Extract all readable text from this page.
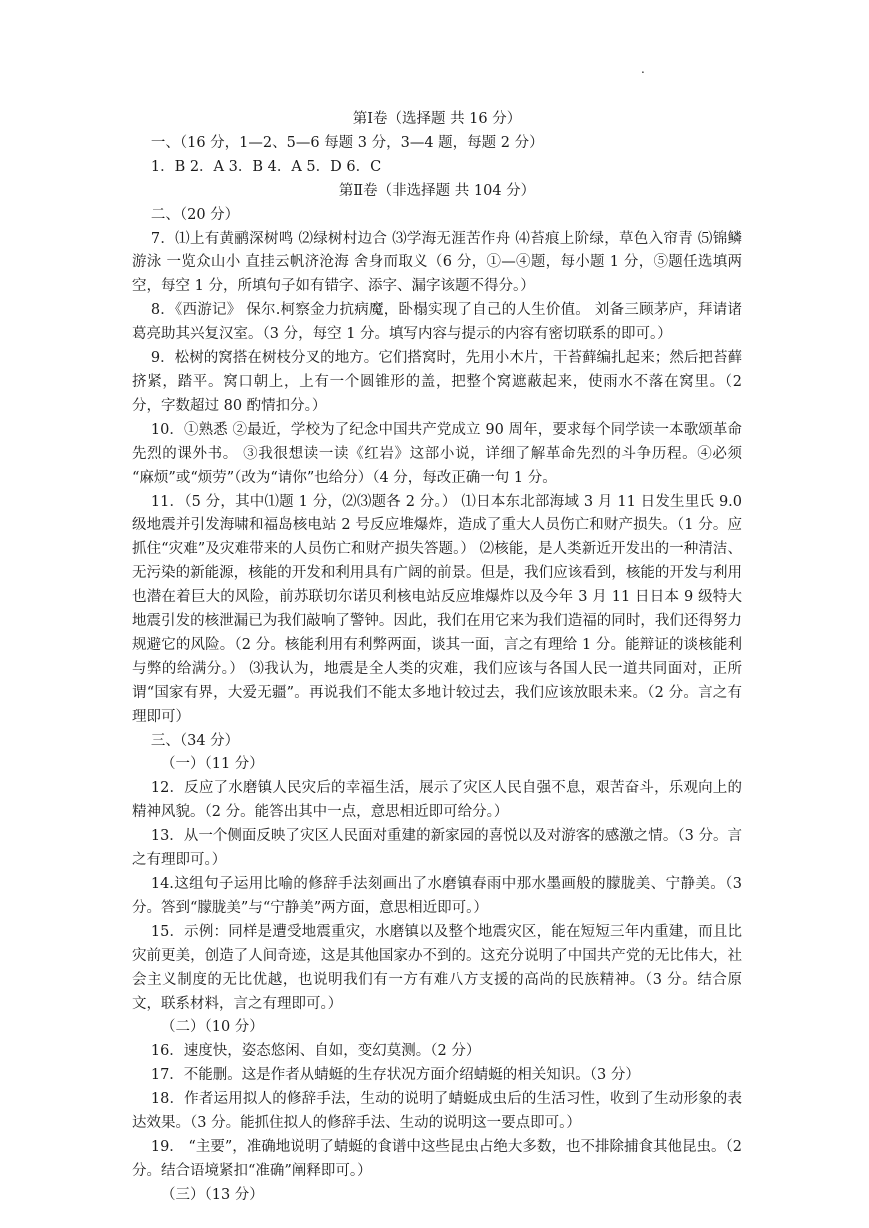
.

第Ⅰ卷（选择题 共 16 分）

一、（16 分，1—2、5—6 每题 3 分，3—4 题，每题 2 分）

1．B 2．A 3．B 4．A 5．D 6．C

第Ⅱ卷（非选择题 共 104 分）

二、（20 分）

7．⑴上有黄鹂深树鸣 ⑵绿树村边合 ⑶学海无涯苦作舟 ⑷苔痕上阶绿，草色入帘青 ⑸锦鳞游泳 一览众山小 直挂云帆济沧海 舍身而取义（6 分，①—④题，每小题 1 分，⑤题任选填两空，每空 1 分，所填句子如有错字、添字、漏字该题不得分。）

8．《西游记》 保尔.柯察金力抗病魔，卧榻实现了自己的人生价值。 刘备三顾茅庐，拜请诸葛亮助其兴复汉室。（3 分，每空 1 分。填写内容与提示的内容有密切联系的即可。）

9．松树的窝搭在树枝分叉的地方。它们搭窝时，先用小木片，干苔藓编扎起来；然后把苔藓挤紧，踏平。窝口朝上，上有一个圆锥形的盖，把整个窝遮蔽起来，使雨水不落在窝里。（2 分，字数超过 80 酌情扣分。）

10．①熟悉 ②最近，学校为了纪念中国共产党成立 90 周年，要求每个同学读一本歌颂革命先烈的课外书。 ③我很想读一读《红岩》这部小说，详细了解革命先烈的斗争历程。④必须 “麻烦”或“烦劳”（改为“请你”也给分）（4 分，每改正确一句 1 分。

11．（5 分，其中⑴题 1 分，⑵⑶题各 2 分。） ⑴日本东北部海域 3 月 11 日发生里氏 9.0 级地震并引发海啸和福岛核电站 2 号反应堆爆炸，造成了重大人员伤亡和财产损失。（1 分。应抓住“灾难”及灾难带来的人员伤亡和财产损失答题。） ⑵核能，是人类新近开发出的一种清洁、无污染的新能源，核能的开发和利用具有广阔的前景。但是，我们应该看到，核能的开发与利用也潜在着巨大的风险，前苏联切尔诺贝利核电站反应堆爆炸以及今年 3 月 11 日日本 9 级特大地震引发的核泄漏已为我们敲响了警钟。因此，我们在用它来为我们造福的同时，我们还得努力规避它的风险。（2 分。核能利用有利弊两面，谈其一面，言之有理给 1 分。能辩证的谈核能利与弊的给满分。） ⑶我认为，地震是全人类的灾难，我们应该与各国人民一道共同面对，正所谓“国家有界，大爱无疆”。再说我们不能太多地计较过去，我们应该放眼未来。（2 分。言之有理即可）

三、（34 分）

（一）（11 分）

12．反应了水磨镇人民灾后的幸福生活，展示了灾区人民自强不息，艰苦奋斗，乐观向上的精神风貌。（2 分。能答出其中一点，意思相近即可给分。）

13．从一个侧面反映了灾区人民面对重建的新家园的喜悦以及对游客的感激之情。（3 分。言之有理即可。）

14.这组句子运用比喻的修辞手法刻画出了水磨镇春雨中那水墨画般的朦胧美、宁静美。（3 分。答到“朦胧美”与“宁静美”两方面，意思相近即可。）

15．示例：同样是遭受地震重灾，水磨镇以及整个地震灾区，能在短短三年内重建，而且比灾前更美，创造了人间奇迹，这是其他国家办不到的。这充分说明了中国共产党的无比伟大，社会主义制度的无比优越，也说明我们有一方有难八方支援的高尚的民族精神。（3 分。结合原文，联系材料，言之有理即可。）

（二）（10 分）

16．速度快，姿态悠闲、自如，变幻莫测。（2 分）

17．不能删。这是作者从蜻蜓的生存状况方面介绍蜻蜓的相关知识。（3 分）

18．作者运用拟人的修辞手法，生动的说明了蜻蜓成虫后的生活习性，收到了生动形象的表达效果。（3 分。能抓住拟人的修辞手法、生动的说明这一要点即可。）

19． “主要”，准确地说明了蜻蜓的食谱中这些昆虫占绝大多数，也不排除捕食其他昆虫。（2 分。结合语境紧扣“准确”阐释即可。）

（三）（13 分）
